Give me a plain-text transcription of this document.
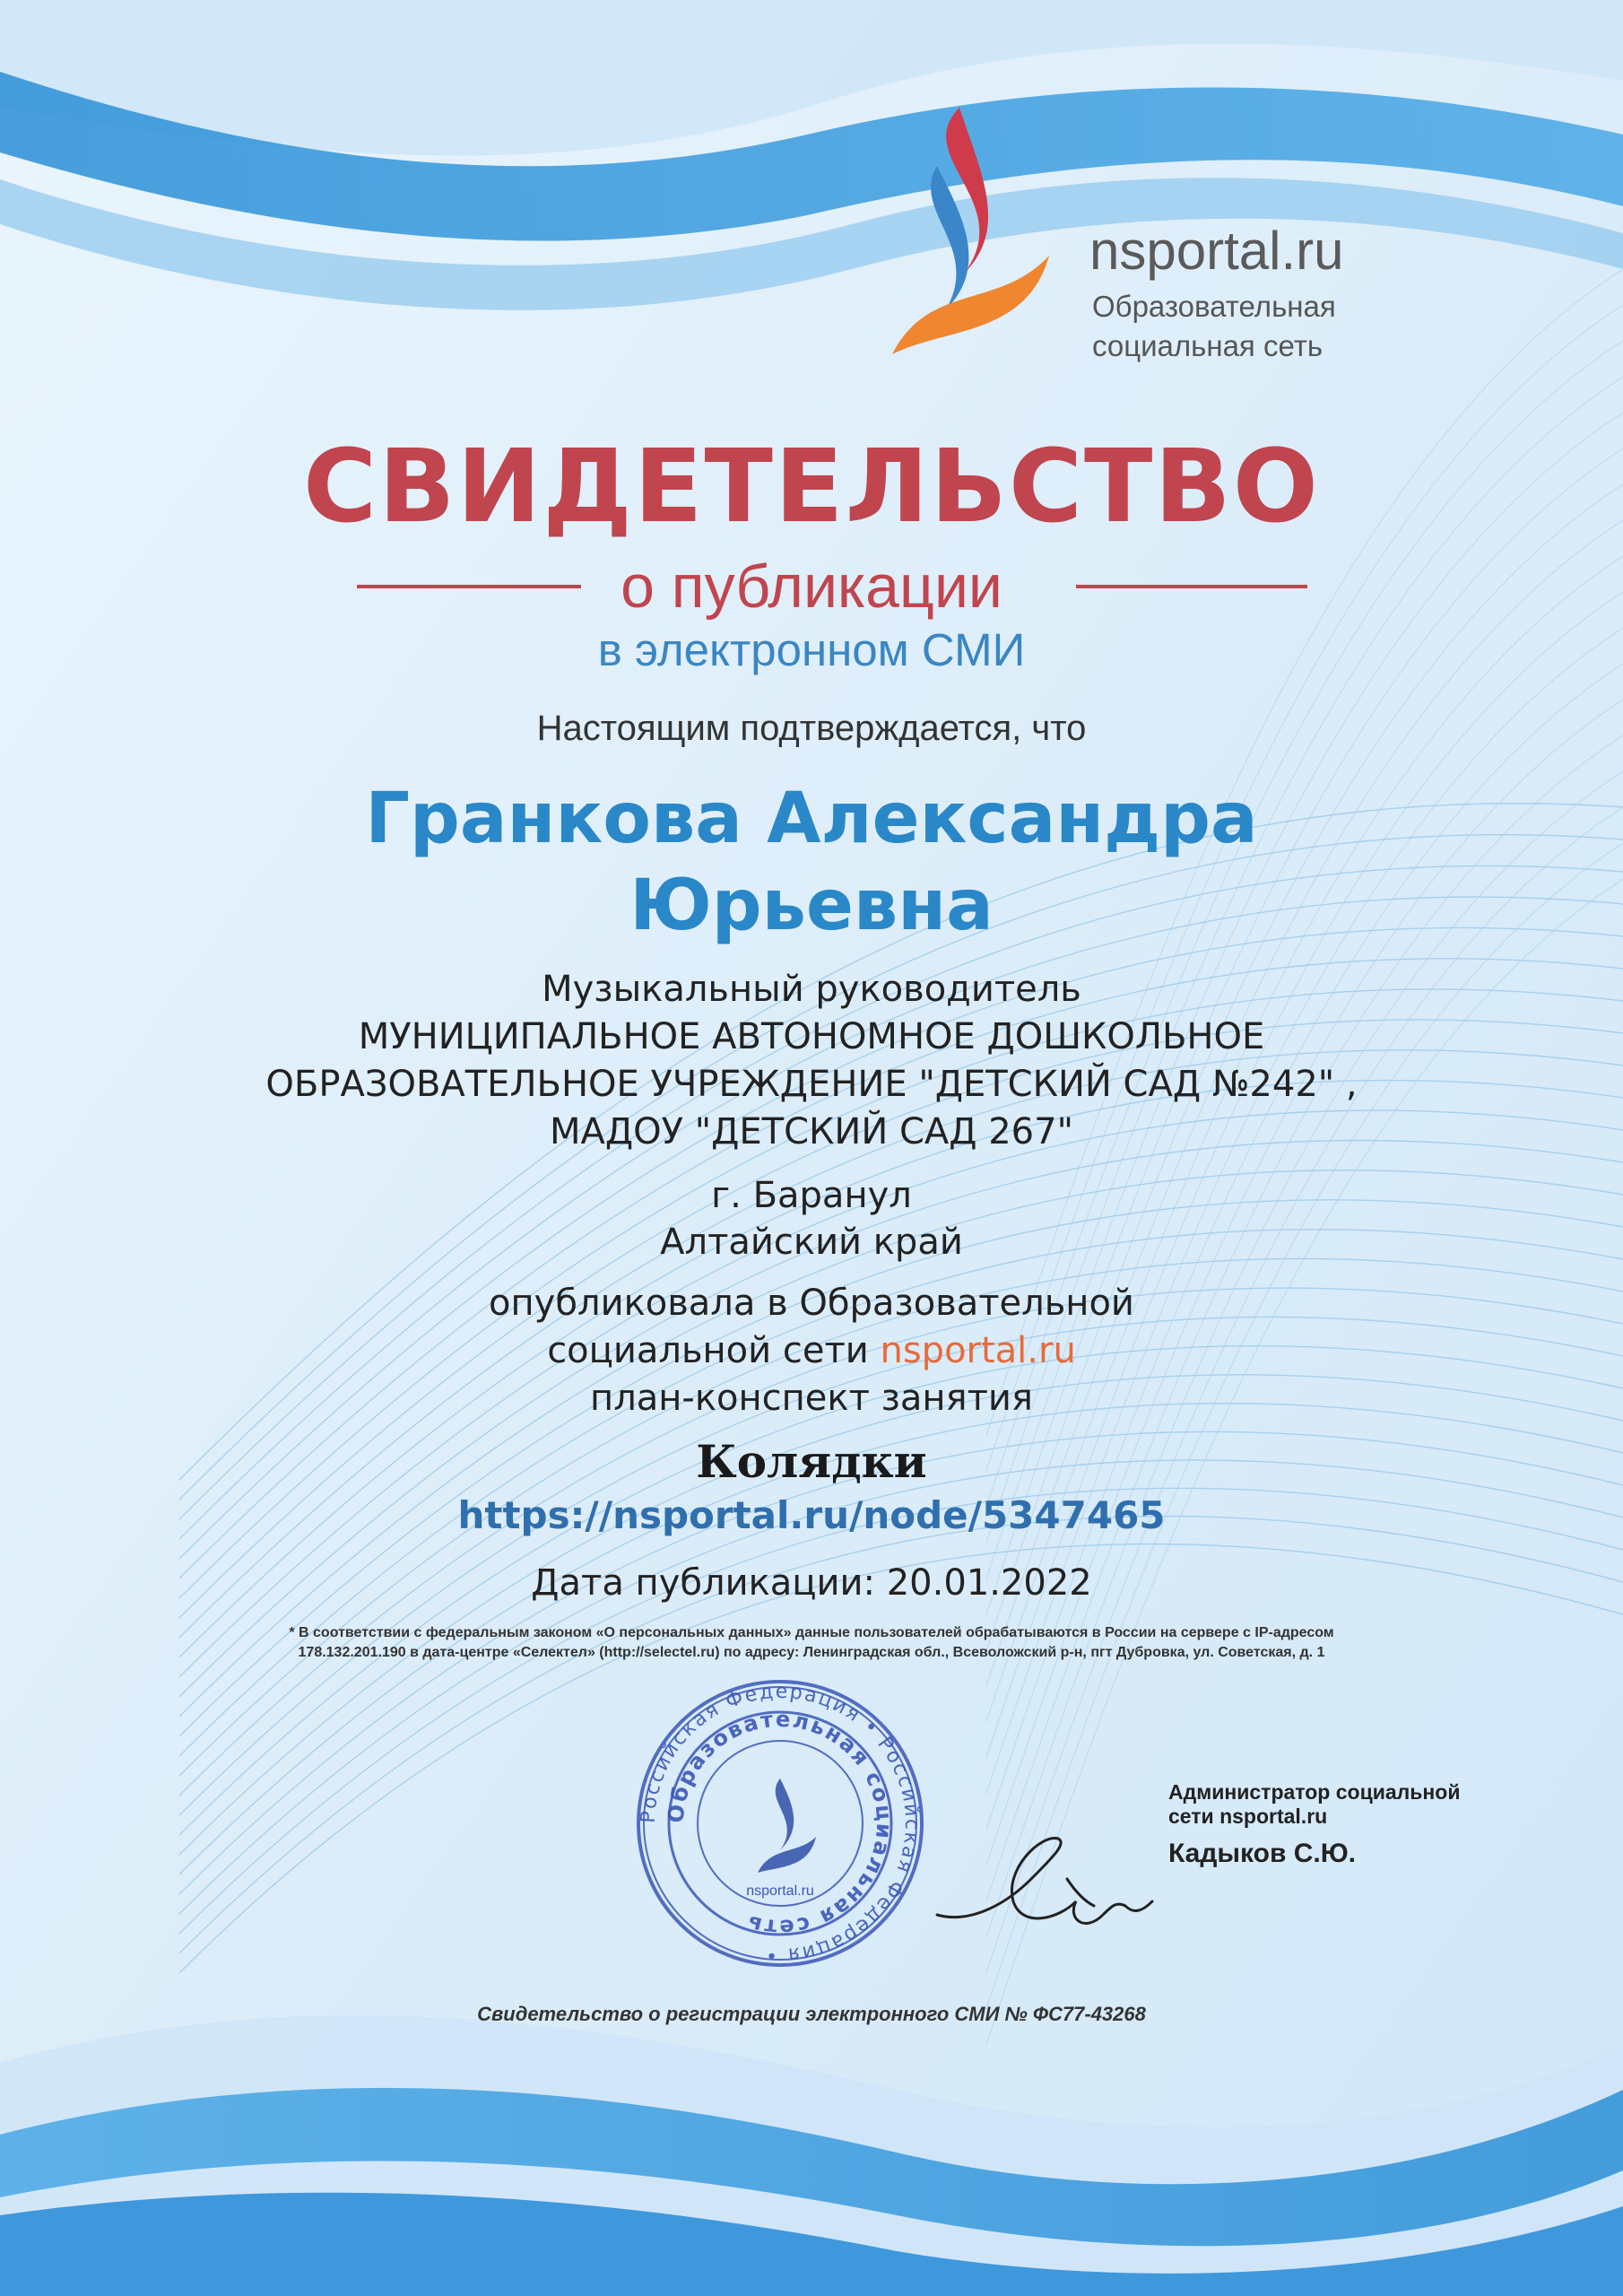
nsportal.ru
Образовательная
социальная сеть
СВИДЕТЕЛЬСТВО
о публикации
в электронном СМИ
Настоящим подтверждается, что
Гранкова Александра
Юрьевна
Музыкальный руководитель
МУНИЦИПАЛЬНОЕ АВТОНОМНОЕ ДОШКОЛЬНОЕ
ОБРАЗОВАТЕЛЬНОЕ УЧРЕЖДЕНИЕ "ДЕТСКИЙ САД №242" ,
МАДОУ "ДЕТСКИЙ САД 267"
г. Баранул
Алтайский край
опубликовала в Образовательной
социальной сети nsportal.ru
план-конспект занятия
Колядки
https://nsportal.ru/node/5347465
Дата публикации: 20.01.2022
* В соответствии с федеральным законом «О персональных данных» данные пользователей обрабатываются в России на сервере с IP-адресом
178.132.201.190 в дата-центре «Селектел» (http://selectel.ru) по адресу: Ленинградская обл., Всеволожский р-н, пгт Дубровка, ул. Советская, д. 1
Российская Федерация • Российская Федерация •
Образовательная социальная сеть
nsportal.ru
Администратор социальной
сети nsportal.ru
Кадыков С.Ю.
Свидетельство о регистрации электронного СМИ № ФС77-43268
